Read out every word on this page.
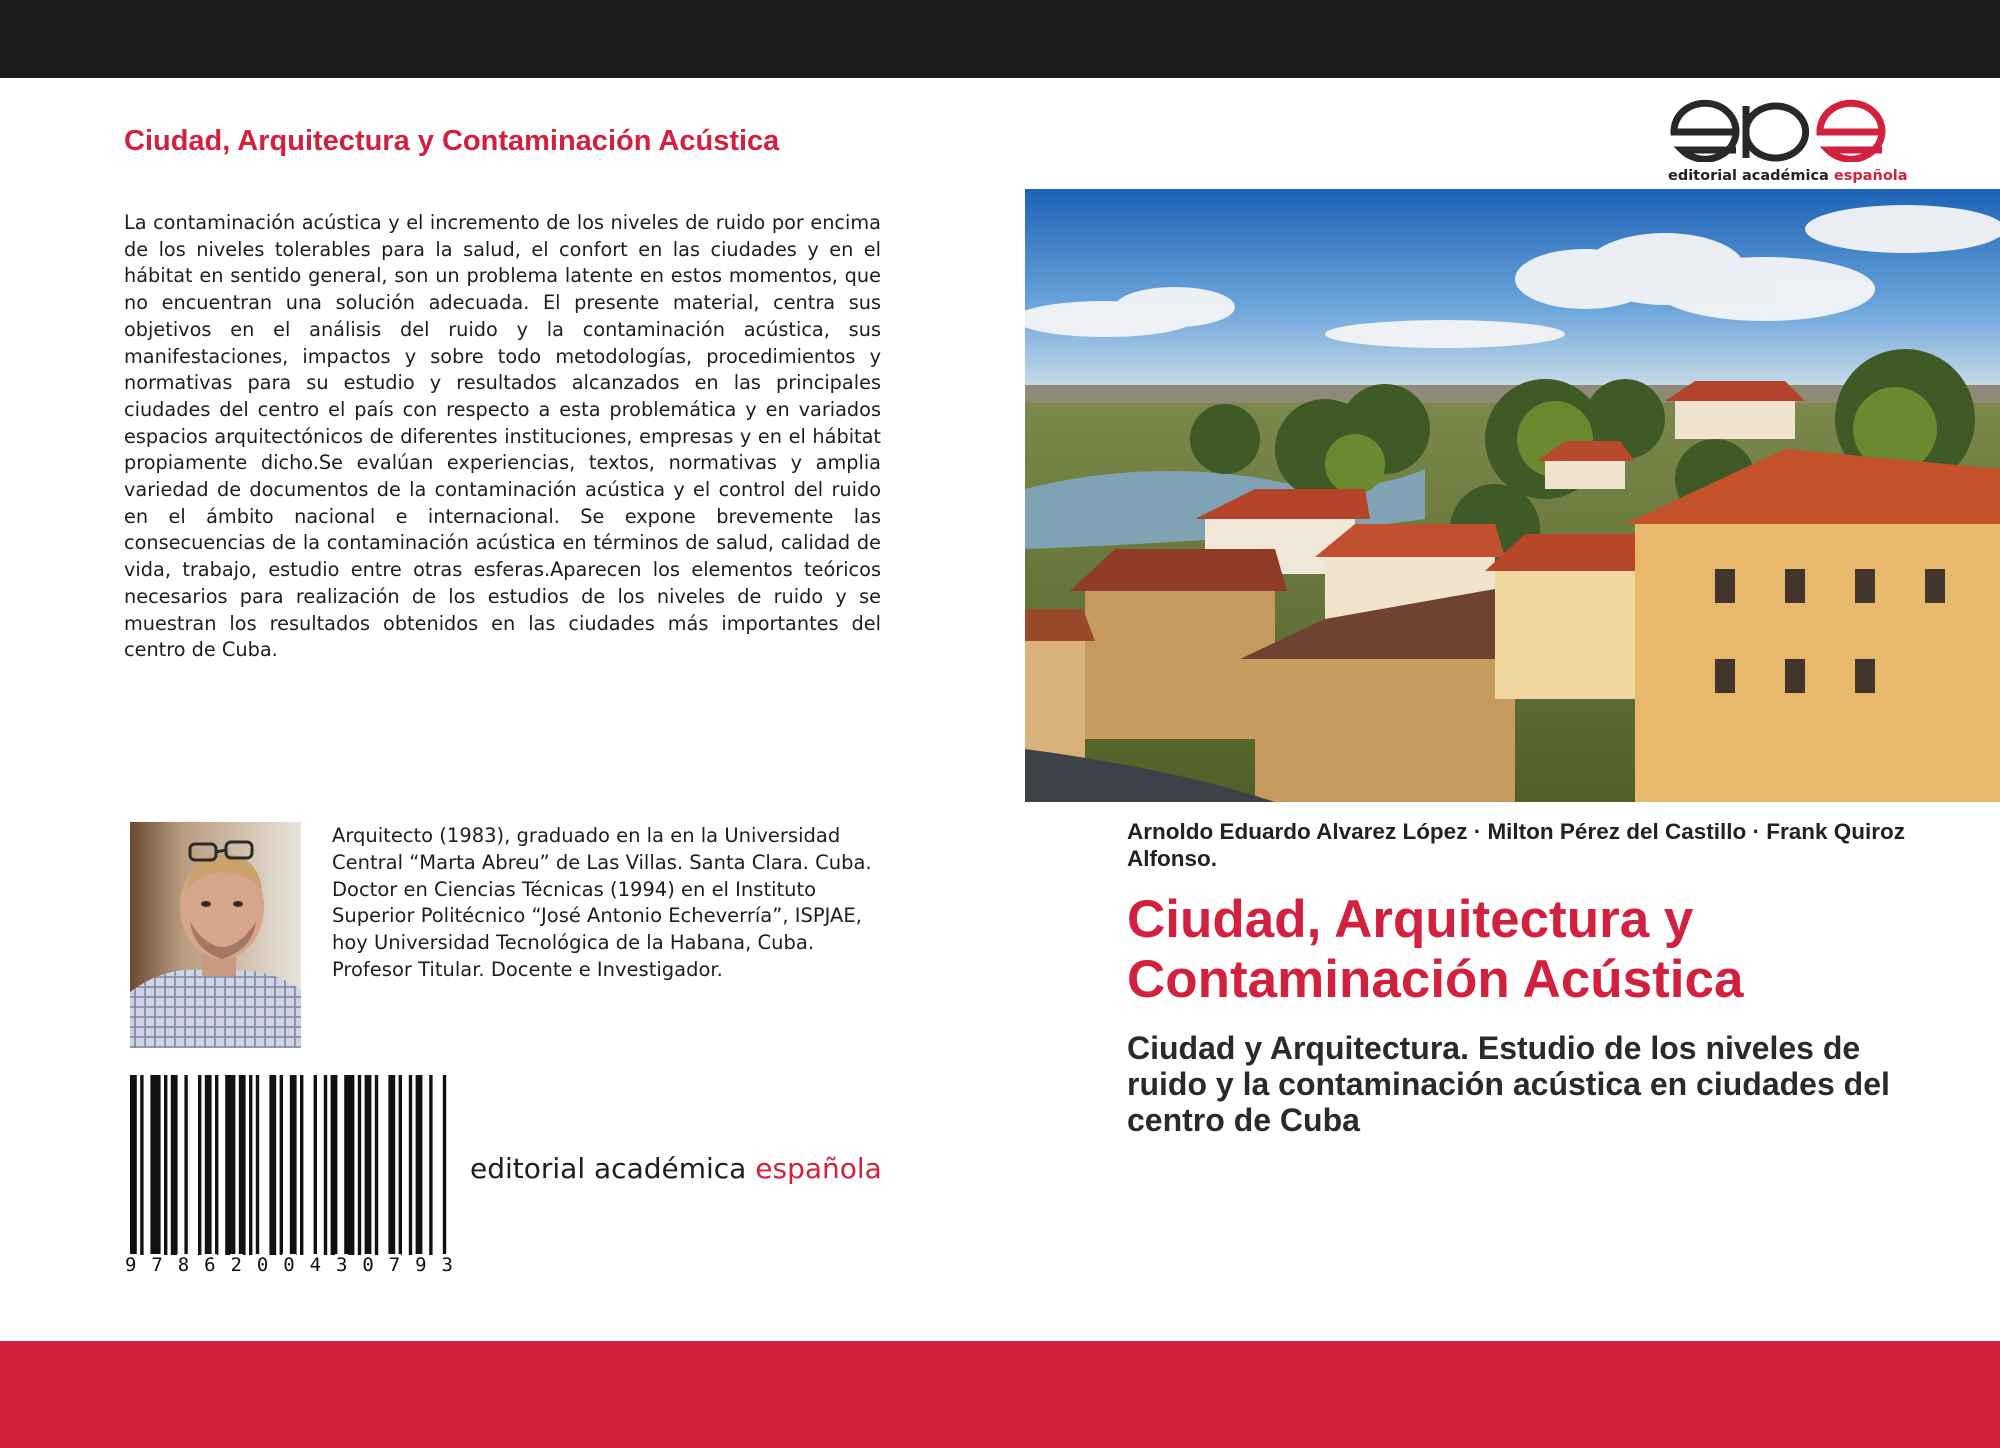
Ciudad, Arquitectura y Contaminación Acústica

La contaminación acústica y el incremento de los niveles de ruido por encima de los niveles tolerables para la salud, el confort en las ciudades y en el hábitat en sentido general, son un problema latente en estos momentos, que no encuentran una solución adecuada. El presente material, centra sus objetivos en el análisis del ruido y la contaminación acústica, sus manifestaciones, impactos y sobre todo metodologías, procedimientos y normativas para su estudio y resultados alcanzados en las principales ciudades del centro el país con respecto a esta problemática y en variados espacios arquitectónicos de diferentes instituciones, empresas y en el hábitat propiamente dicho.Se evalúan experiencias, textos, normativas y amplia variedad de documentos de la contaminación acústica y el control del ruido en el ámbito nacional e internacional. Se expone brevemente las consecuencias de la contaminación acústica en términos de salud, calidad de vida, trabajo, estudio entre otras esferas.Aparecen los elementos teóricos necesarios para realización de los estudios de los niveles de ruido y se muestran los resultados obtenidos en las ciudades más importantes del centro de Cuba.

Arquitecto (1983), graduado en la en la Universidad Central “Marta Abreu” de Las Villas. Santa Clara. Cuba. Doctor en Ciencias Técnicas (1994) en el Instituto Superior Politécnico “José Antonio Echeverría”, ISPJAE, hoy Universidad Tecnológica de la Habana, Cuba. Profesor Titular. Docente e Investigador.

9 7 8 6 2 0 0 4 3 0 7 9 3
editorial académica española
editorial académica española

Arnoldo Eduardo Alvarez López · Milton Pérez del Castillo · Frank Quiroz Alfonso.

Ciudad, Arquitectura y Contaminación Acústica
Ciudad y Arquitectura. Estudio de los niveles de ruido y la contaminación acústica en ciudades del centro de Cuba
